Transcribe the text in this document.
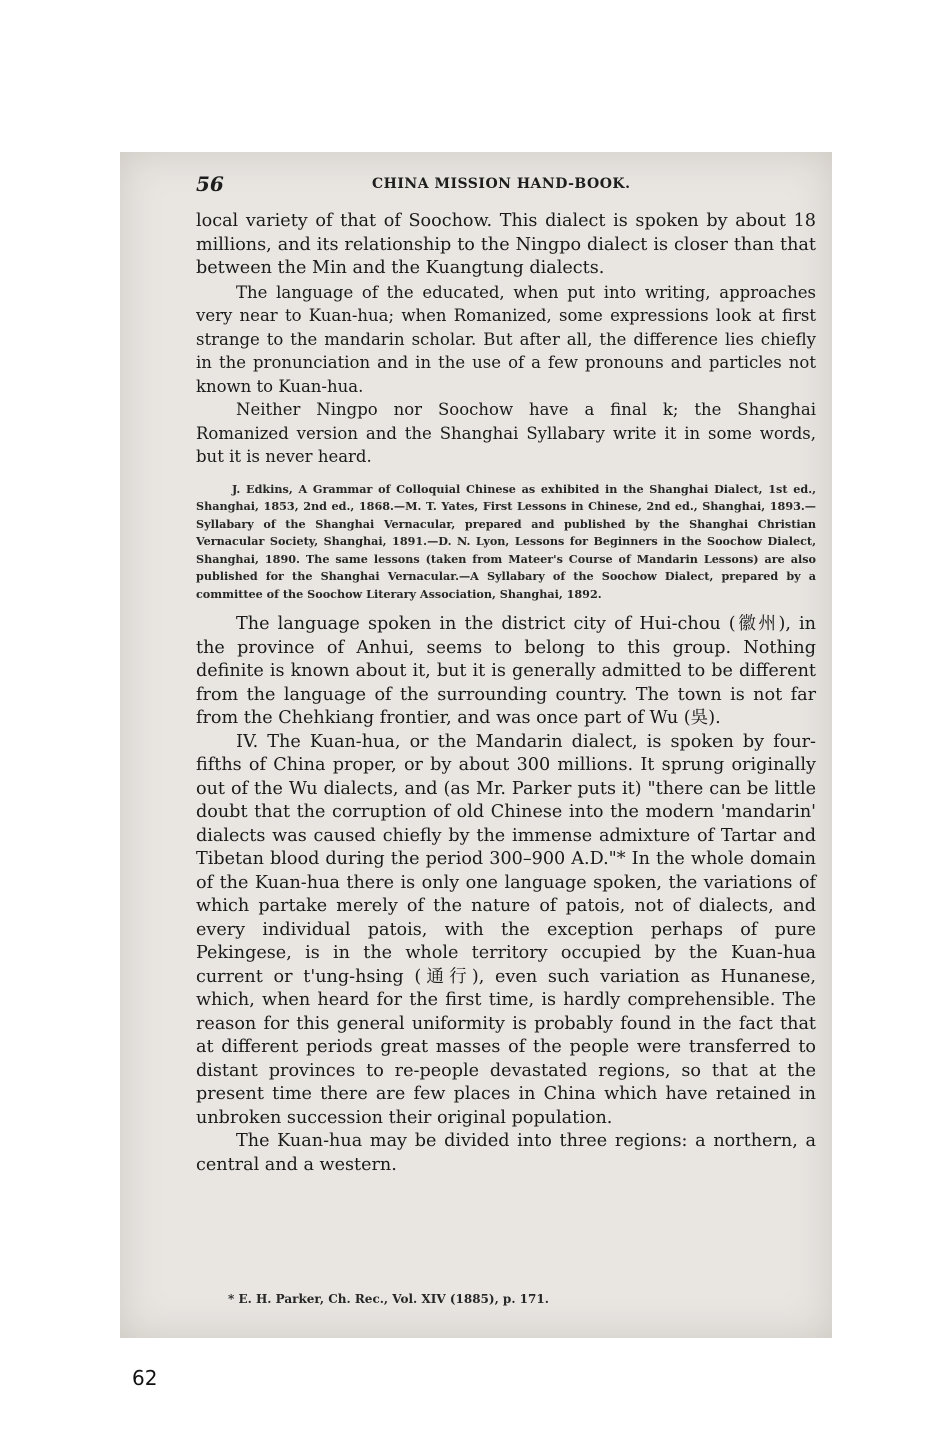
56	CHINA MISSION HAND-BOOK.

local variety of that of Soochow. This dialect is spoken by about 18 millions, and its relationship to the Ningpo dialect is closer than that between the Min and the Kuangtung dialects.

The language of the educated, when put into writing, approaches very near to Kuan-hua; when Romanized, some expressions look at first strange to the mandarin scholar. But after all, the difference lies chiefly in the pronunciation and in the use of a few pronouns and particles not known to Kuan-hua.

Neither Ningpo nor Soochow have a final k; the Shanghai Romanized version and the Shanghai Syllabary write it in some words, but it is never heard.

J. Edkins, A Grammar of Colloquial Chinese as exhibited in the Shanghai Dialect, 1st ed., Shanghai, 1853, 2nd ed., 1868.—M. T. Yates, First Lessons in Chinese, 2nd ed., Shanghai, 1893.—Syllabary of the Shanghai Vernacular, prepared and published by the Shanghai Christian Vernacular Society, Shanghai, 1891.—D. N. Lyon, Lessons for Beginners in the Soochow Dialect, Shanghai, 1890. The same lessons (taken from Mateer's Course of Mandarin Lessons) are also published for the Shanghai Vernacular.—A Syllabary of the Soochow Dialect, prepared by a committee of the Soochow Literary Association, Shanghai, 1892.

The language spoken in the district city of Hui-chou (徽州), in the province of Anhui, seems to belong to this group. Nothing definite is known about it, but it is generally admitted to be different from the language of the surrounding country. The town is not far from the Chehkiang frontier, and was once part of Wu (吳).

IV. The Kuan-hua, or the Mandarin dialect, is spoken by four-fifths of China proper, or by about 300 millions. It sprung originally out of the Wu dialects, and (as Mr. Parker puts it) "there can be little doubt that the corruption of old Chinese into the modern 'mandarin' dialects was caused chiefly by the immense admixture of Tartar and Tibetan blood during the period 300–900 A.D."* In the whole domain of the Kuan-hua there is only one language spoken, the variations of which partake merely of the nature of patois, not of dialects, and every individual patois, with the exception perhaps of pure Pekingese, is in the whole territory occupied by the Kuan-hua current or t'ung-hsing (通行), even such variation as Hunanese, which, when heard for the first time, is hardly comprehensible. The reason for this general uniformity is probably found in the fact that at different periods great masses of the people were transferred to distant provinces to re-people devastated regions, so that at the present time there are few places in China which have retained in unbroken succession their original population.

The Kuan-hua may be divided into three regions: a northern, a central and a western.

* E. H. Parker, Ch. Rec., Vol. XIV (1885), p. 171.
62
